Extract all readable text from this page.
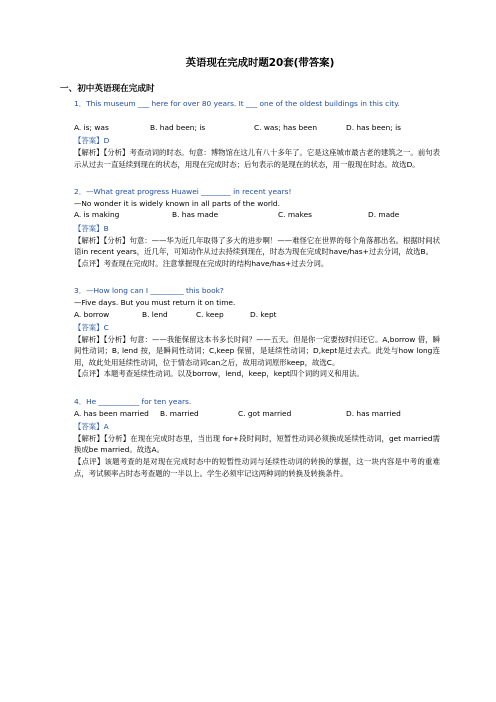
英语现在完成时题20套(带答案)
一、初中英语现在完成时

1．This museum ___ here for over 80 years. It ___ one of the oldest buildings in this city.

A. is; was	B. had been; is	C. was; has been	D. has been; is

【答案】D

【解析】【分析】考查动词的时态。句意：博物馆在这儿有八十多年了。它是这座城市最古老的建筑之一。前句表示从过去一直延续到现在的状态，用现在完成时态；后句表示的是现在的状态，用一般现在时态。故选D。

2．—What great progress Huawei ________ in recent years!

—No wonder it is widely known in all parts of the world.

A. is making	B. has made	C. makes	D. made

【答案】B

【解析】【分析】句意：——华为近几年取得了多大的进步啊！——难怪它在世界的每个角落都出名。根据时间状语in recent years，近几年，可知动作从过去持续到现在，时态为现在完成时have/has+过去分词，故选B。

【点评】考查现在完成时。注意掌握现在完成时的结构have/has+过去分词。

3．—How long can I _________ this book?

—Five days. But you must return it on time.

A. borrow	B. lend	C. keep	D. kept

【答案】C

【解析】【分析】句意：——我能保留这本书多长时间？——五天。但是你一定要按时归还它。A,borrow 借，瞬间性动词；B, lend 按，是瞬间性动词；C,keep 保留，是延续性动词；D,kept是过去式。此处与how long连用，故此处用延续性动词，位于情态动词can之后，故用动词原形keep，故选C。

【点评】本题考查延续性动词。以及borrow，lend，keep，kept四个词的词义和用法。

4．He ___________ for ten years.

A. has been married	B. married	C. got married	D. has married

【答案】A

【解析】【分析】在现在完成时态里，当出现 for+段时间时，短暂性动词必须换成延续性动词，get married需换成be married。故选A。

【点评】该题考查的是对现在完成时态中的短暂性动词与延续性动词的转换的掌握，这一块内容是中考的重难点，考试频率占时态考查题的一半以上。学生必须牢记这两种词的转换及转换条件。
